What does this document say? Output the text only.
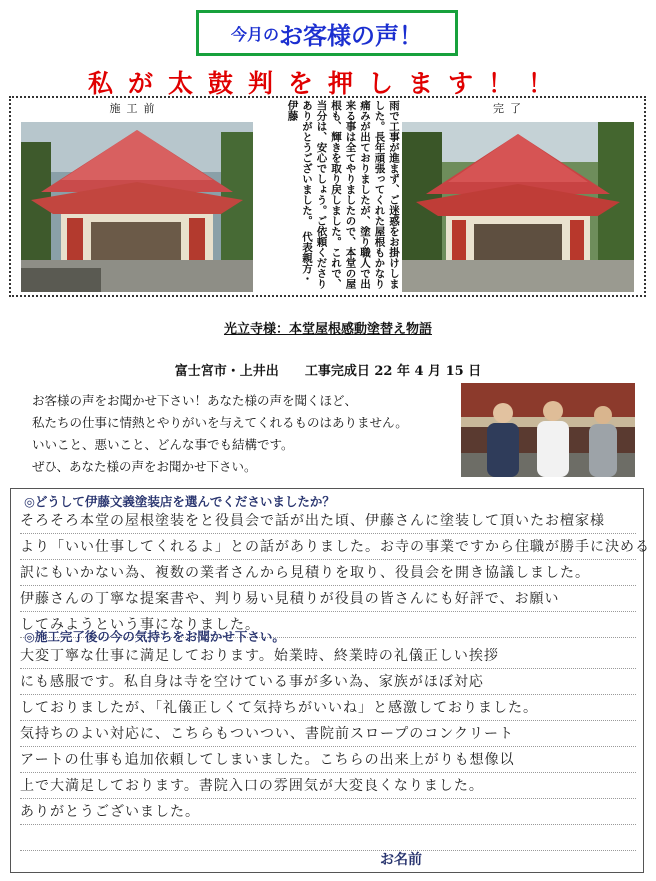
今月の お客様の声！
私が太鼓判を押します！！
施工前	完了
雨で工事が進まず、ご迷惑をお掛けしました。長年頑張ってくれた屋根もかなり痛みが出ておりましたが、塗り職人で出来る事は全てやりましたので、本堂の屋根も、輝きを取り戻しました。これで、当分は、安心でしょう。ご依頼くださりありがとうございました。　代表親方・伊藤
光立寺様：本堂屋根感動塗替え物語
富士宮市・上井出　　 工事完成日 22 年 4 月 15 日
お客様の声をお聞かせ下さい！あなた様の声を聞くほど、
私たちの仕事に情熱とやりがいを与えてくれるものはありません。
いいこと、悪いこと、どんな事でも結構です。
ぜひ、あなた様の声をお聞かせ下さい。
◎どうして伊藤文義塗装店を選んでくださいましたか？
そろそろ本堂の屋根塗装をと役員会で話が出た頃、伊藤さんに塗装して頂いたお檀家様
より「いい仕事してくれるよ」との話がありました。お寺の事業ですから住職が勝手に決める
訳にもいかない為、複数の業者さんから見積りを取り、役員会を開き協議しました。
伊藤さんの丁寧な提案書や、判り易い見積りが役員の皆さんにも好評で、お願い
してみようという事になりました。
◎施工完了後の今の気持ちをお聞かせ下さい。
大変丁寧な仕事に満足しております。始業時、終業時の礼儀正しい挨拶
にも感服です。私自身は寺を空けている事が多い為、家族がほぼ対応
しておりましたが、「礼儀正しくて気持ちがいいね」と感激しておりました。
気持ちのよい対応に、こちらもついつい、書院前スロープのコンクリート
アートの仕事も追加依頼してしまいました。こちらの出来上がりも想像以
上で大満足しております。書院入口の雰囲気が大変良くなりました。
ありがとうございました。
お名前
